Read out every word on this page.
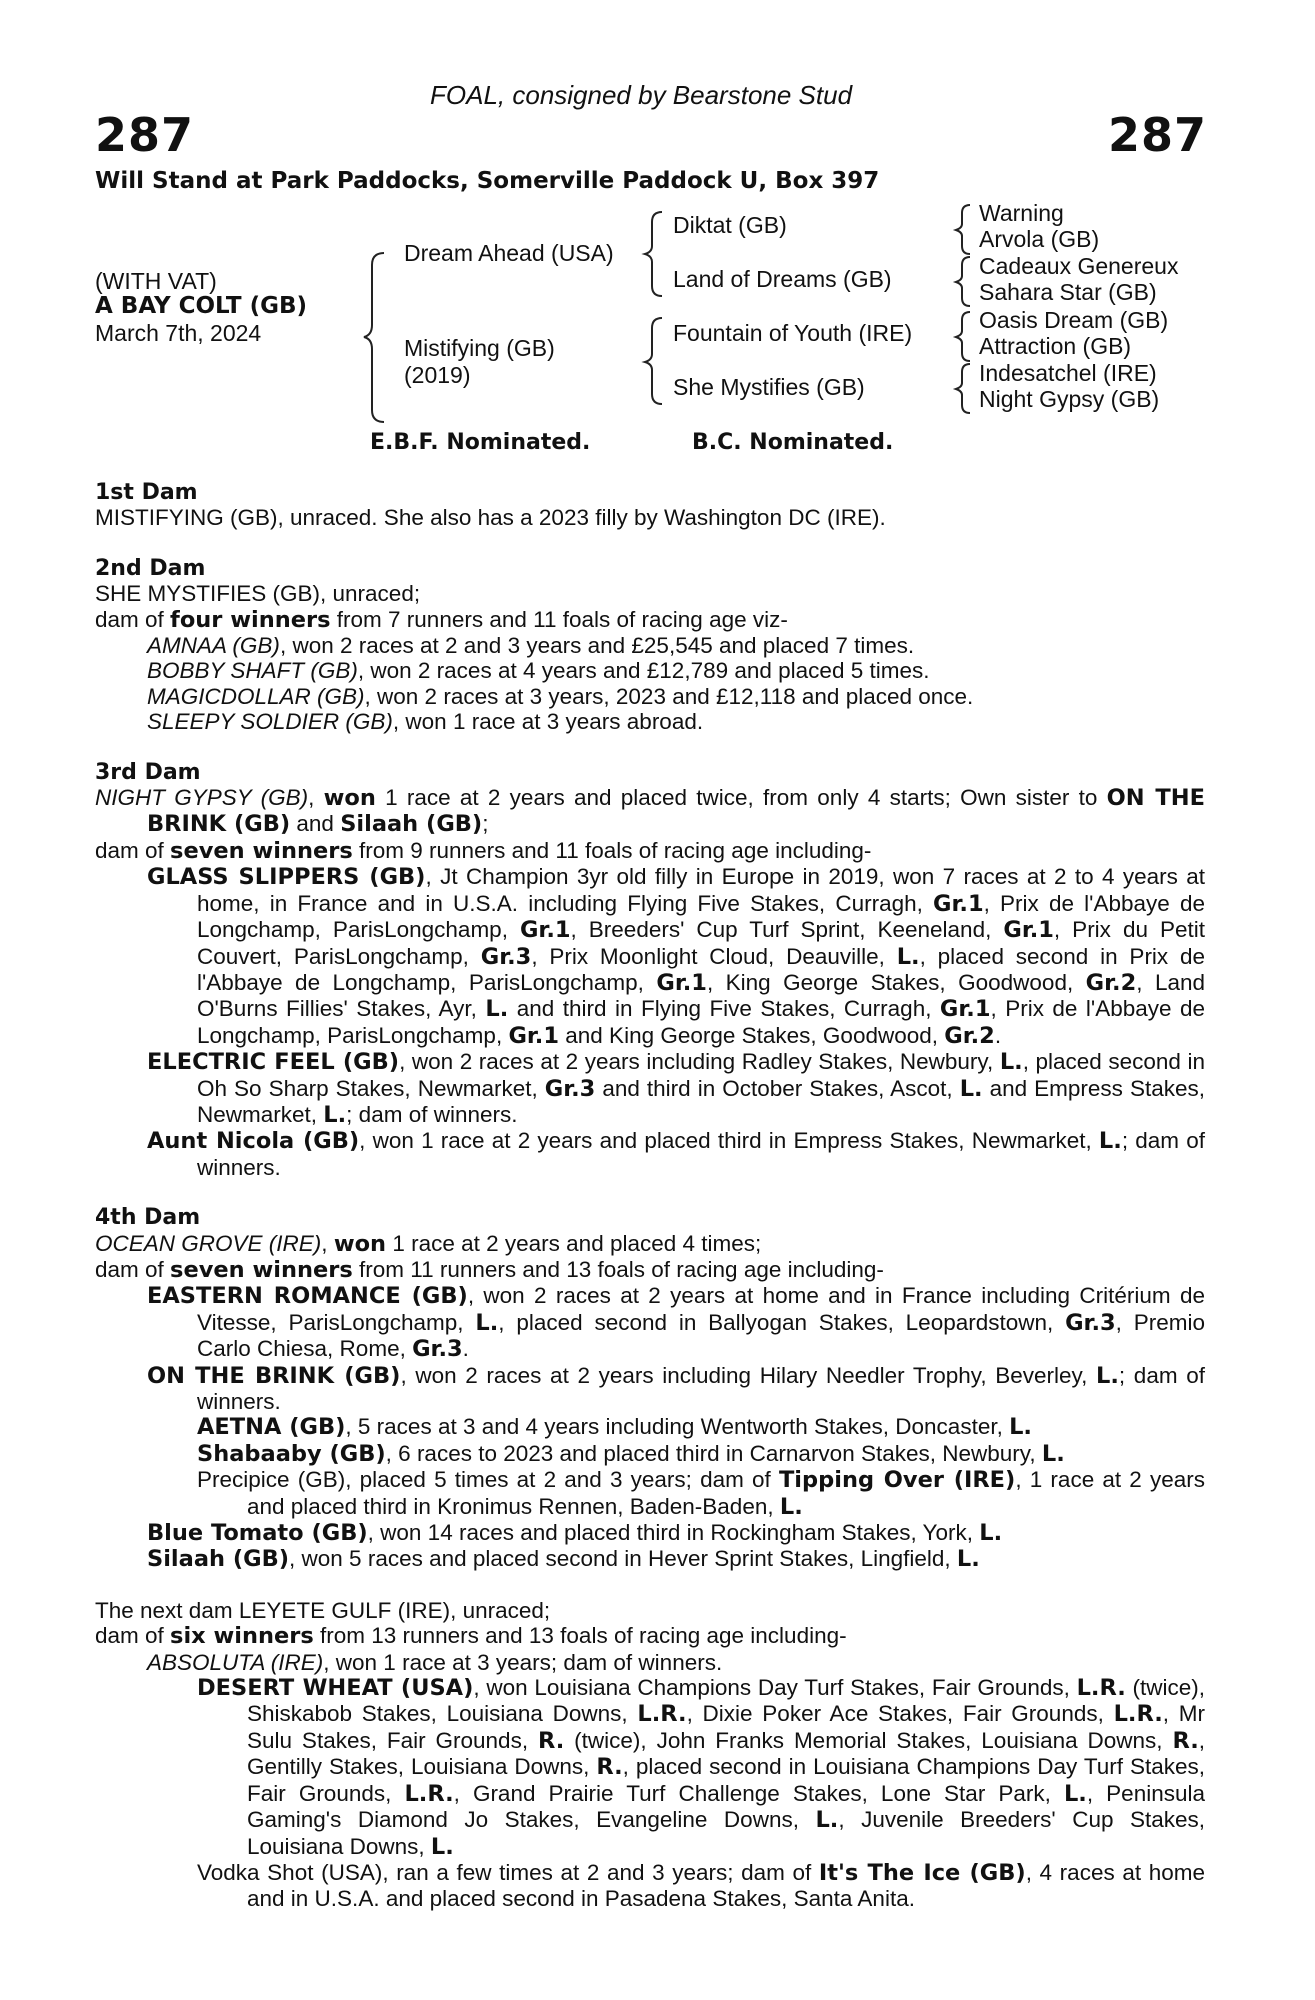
FOAL, consigned by Bearstone Stud
287	287
Will Stand at Park Paddocks, Somerville Paddock U, Box 397
(WITH VAT)
A BAY COLT (GB)
March 7th, 2024
Dream Ahead (USA)
Mistifying (GB)
(2019)
Diktat (GB)
Land of Dreams (GB)
Fountain of Youth (IRE)
She Mystifies (GB)
Warning
Arvola (GB)
Cadeaux Genereux
Sahara Star (GB)
Oasis Dream (GB)
Attraction (GB)
Indesatchel (IRE)
Night Gypsy (GB)
E.B.F. Nominated.	B.C. Nominated.

1st Dam

MISTIFYING (GB), unraced. She also has a 2023 filly by Washington DC (IRE).

2nd Dam

SHE MYSTIFIES (GB), unraced;

dam of four winners from 7 runners and 11 foals of racing age viz-

AMNAA (GB), won 2 races at 2 and 3 years and £25,545 and placed 7 times.

BOBBY SHAFT (GB), won 2 races at 4 years and £12,789 and placed 5 times.

MAGICDOLLAR (GB), won 2 races at 3 years, 2023 and £12,118 and placed once.

SLEEPY SOLDIER (GB), won 1 race at 3 years abroad.

3rd Dam

NIGHT GYPSY (GB), won 1 race at 2 years and placed twice, from only 4 starts; Own sister to ON THE BRINK (GB) and Silaah (GB);

dam of seven winners from 9 runners and 11 foals of racing age including-

GLASS SLIPPERS (GB), Jt Champion 3yr old filly in Europe in 2019, won 7 races at 2 to 4 years at home, in France and in U.S.A. including Flying Five Stakes, Curragh, Gr.1, Prix de l'Abbaye de Longchamp, ParisLongchamp, Gr.1, Breeders' Cup Turf Sprint, Keeneland, Gr.1, Prix du Petit Couvert, ParisLongchamp, Gr.3, Prix Moonlight Cloud, Deauville, L., placed second in Prix de l'Abbaye de Longchamp, ParisLongchamp, Gr.1, King George Stakes, Goodwood, Gr.2, Land O'Burns Fillies' Stakes, Ayr, L. and third in Flying Five Stakes, Curragh, Gr.1, Prix de l'Abbaye de Longchamp, ParisLongchamp, Gr.1 and King George Stakes, Goodwood, Gr.2.

ELECTRIC FEEL (GB), won 2 races at 2 years including Radley Stakes, Newbury, L., placed second in Oh So Sharp Stakes, Newmarket, Gr.3 and third in October Stakes, Ascot, L. and Empress Stakes, Newmarket, L.; dam of winners.

Aunt Nicola (GB), won 1 race at 2 years and placed third in Empress Stakes, Newmarket, L.; dam of winners.

4th Dam

OCEAN GROVE (IRE), won 1 race at 2 years and placed 4 times;

dam of seven winners from 11 runners and 13 foals of racing age including-

EASTERN ROMANCE (GB), won 2 races at 2 years at home and in France including Critérium de Vitesse, ParisLongchamp, L., placed second in Ballyogan Stakes, Leopardstown, Gr.3, Premio Carlo Chiesa, Rome, Gr.3.

ON THE BRINK (GB), won 2 races at 2 years including Hilary Needler Trophy, Beverley, L.; dam of winners.

AETNA (GB), 5 races at 3 and 4 years including Wentworth Stakes, Doncaster, L.

Shabaaby (GB), 6 races to 2023 and placed third in Carnarvon Stakes, Newbury, L.

Precipice (GB), placed 5 times at 2 and 3 years; dam of Tipping Over (IRE), 1 race at 2 years and placed third in Kronimus Rennen, Baden-Baden, L.

Blue Tomato (GB), won 14 races and placed third in Rockingham Stakes, York, L.

Silaah (GB), won 5 races and placed second in Hever Sprint Stakes, Lingfield, L.

The next dam LEYETE GULF (IRE), unraced;

dam of six winners from 13 runners and 13 foals of racing age including-

ABSOLUTA (IRE), won 1 race at 3 years; dam of winners.

DESERT WHEAT (USA), won Louisiana Champions Day Turf Stakes, Fair Grounds, L.R. (twice), Shiskabob Stakes, Louisiana Downs, L.R., Dixie Poker Ace Stakes, Fair Grounds, L.R., Mr Sulu Stakes, Fair Grounds, R. (twice), John Franks Memorial Stakes, Louisiana Downs, R., Gentilly Stakes, Louisiana Downs, R., placed second in Louisiana Champions Day Turf Stakes, Fair Grounds, L.R., Grand Prairie Turf Challenge Stakes, Lone Star Park, L., Peninsula Gaming's Diamond Jo Stakes, Evangeline Downs, L., Juvenile Breeders' Cup Stakes, Louisiana Downs, L.

Vodka Shot (USA), ran a few times at 2 and 3 years; dam of It's The Ice (GB), 4 races at home and in U.S.A. and placed second in Pasadena Stakes, Santa Anita.
